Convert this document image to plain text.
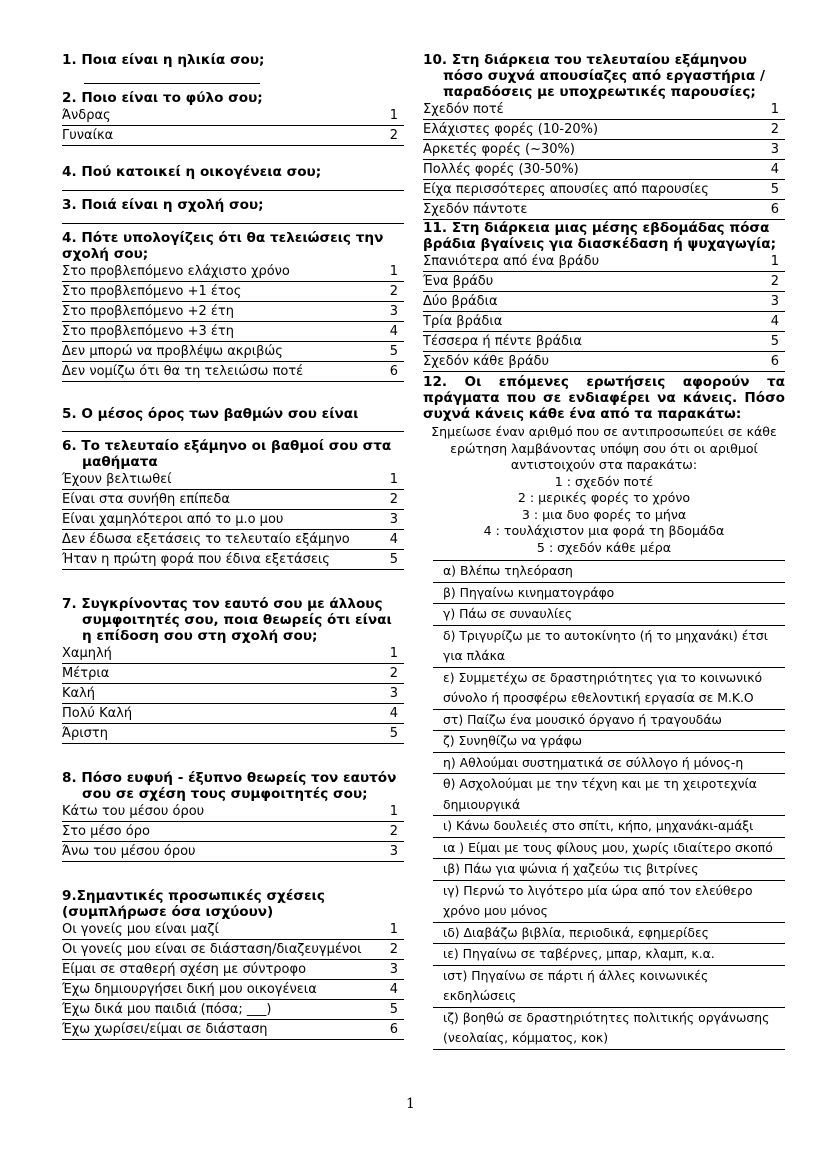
1. Ποια είναι η ηλικία σου;
2. Ποιο είναι το φύλο σου;
Άνδρας	1
Γυναίκα	2
4. Πού κατοικεί η οικογένεια σου;
3. Ποιά είναι η σχολή σου;
4. Πότε υπολογίζεις ότι θα τελειώσεις την σχολή σου;
Στο προβλεπόμενο ελάχιστο χρόνο	1
Στο προβλεπόμενο +1 έτος	2
Στο προβλεπόμενο +2 έτη	3
Στο προβλεπόμενο +3 έτη	4
Δεν μπορώ να προβλέψω ακριβώς	5
Δεν νομίζω ότι θα τη τελειώσω ποτέ	6
5. Ο μέσος όρος των βαθμών σου είναι
6. Το τελευταίο εξάμηνο οι βαθμοί σου στα μαθήματα
Έχουν βελτιωθεί	1
Είναι στα συνήθη επίπεδα	2
Είναι χαμηλότεροι από το μ.ο μου	3
Δεν έδωσα εξετάσεις το τελευταίο εξάμηνο	4
Ήταν η πρώτη φορά που έδινα εξετάσεις	5
7. Συγκρίνοντας τον εαυτό σου με άλλους συμφοιτητές σου, ποια θεωρείς ότι είναι η επίδοση σου στη σχολή σου;
Χαμηλή	1
Μέτρια	2
Καλή	3
Πολύ Καλή	4
Άριστη	5
8. Πόσο ευφυή - έξυπνο θεωρείς τον εαυτόν σου σε σχέση τους συμφοιτητές σου;
Κάτω του μέσου όρου	1
Στο μέσο όρο	2
Άνω του μέσου όρου	3
9.Σημαντικές προσωπικές σχέσεις (συμπλήρωσε όσα ισχύουν)
Οι γονείς μου είναι μαζί	1
Οι γονείς μου είναι σε διάσταση/διαζευγμένοι 2
Είμαι σε σταθερή σχέση με σύντροφο	3
Έχω δημιουργήσει δική μου οικογένεια	4
Έχω δικά μου παιδιά (πόσα; ___)	5
Έχω χωρίσει/είμαι σε διάσταση	6
10. Στη διάρκεια του τελευταίου εξάμηνου πόσο συχνά απουσίαζες από εργαστήρια /παραδόσεις με υποχρεωτικές παρουσίες;
Σχεδόν ποτέ	1
Ελάχιστες φορές (10-20%)	2
Αρκετές φορές (~30%)	3
Πολλές φορές (30-50%)	4
Είχα περισσότερες απουσίες από παρουσίες	5
Σχεδόν πάντοτε	6
11. Στη διάρκεια μιας μέσης εβδομάδας πόσα βράδια βγαίνεις για διασκέδαση ή ψυχαγωγία;
Σπανιότερα από ένα βράδυ	1
Ένα βράδυ	2
Δύο βράδια	3
Τρία βράδια	4
Τέσσερα ή πέντε βράδια	5
Σχεδόν κάθε βράδυ	6
12. Οι επόμενες ερωτήσεις αφορούν τα πράγματα που σε ενδιαφέρει να κάνεις. Πόσο συχνά κάνεις κάθε ένα από τα παρακάτω:
Σημείωσε έναν αριθμό που σε αντιπροσωπεύει σε κάθε
ερώτηση λαμβάνοντας υπόψη σου ότι οι αριθμοί
αντιστοιχούν στα παρακάτω:
1 : σχεδόν ποτέ
2 : μερικές φορές το χρόνο
3 : μια δυο φορές το μήνα
4 : τουλάχιστον μια φορά τη βδομάδα
5 : σχεδόν κάθε μέρα
α) Βλέπω τηλεόραση
β) Πηγαίνω κινηματογράφο
γ) Πάω σε συναυλίες
δ) Τριγυρίζω με το αυτοκίνητο (ή το μηχανάκι) έτσι για πλάκα
ε) Συμμετέχω σε δραστηριότητες για το κοινωνικό σύνολο ή προσφέρω εθελοντική εργασία σε Μ.Κ.Ο
στ) Παίζω ένα μουσικό όργανο ή τραγουδάω
ζ) Συνηθίζω να γράφω
η) Αθλούμαι συστηματικά σε σύλλογο ή μόνος-η
θ) Ασχολούμαι με την τέχνη και με τη χειροτεχνία δημιουργικά
ι) Κάνω δουλειές στο σπίτι, κήπο, μηχανάκι-αμάξι
ια ) Είμαι με τους φίλους μου, χωρίς ιδιαίτερο σκοπό
ιβ) Πάω για ψώνια ή χαζεύω τις βιτρίνες
ιγ) Περνώ το λιγότερο μία ώρα από τον ελεύθερο χρόνο μου μόνος
ιδ) Διαβάζω βιβλία, περιοδικά, εφημερίδες
ιε) Πηγαίνω σε ταβέρνες, μπαρ, κλαμπ, κ.α.
ιστ) Πηγαίνω σε πάρτι ή άλλες κοινωνικές εκδηλώσεις
ιζ) βοηθώ σε δραστηριότητες πολιτικής οργάνωσης (νεολαίας, κόμματος, κοκ)
1
